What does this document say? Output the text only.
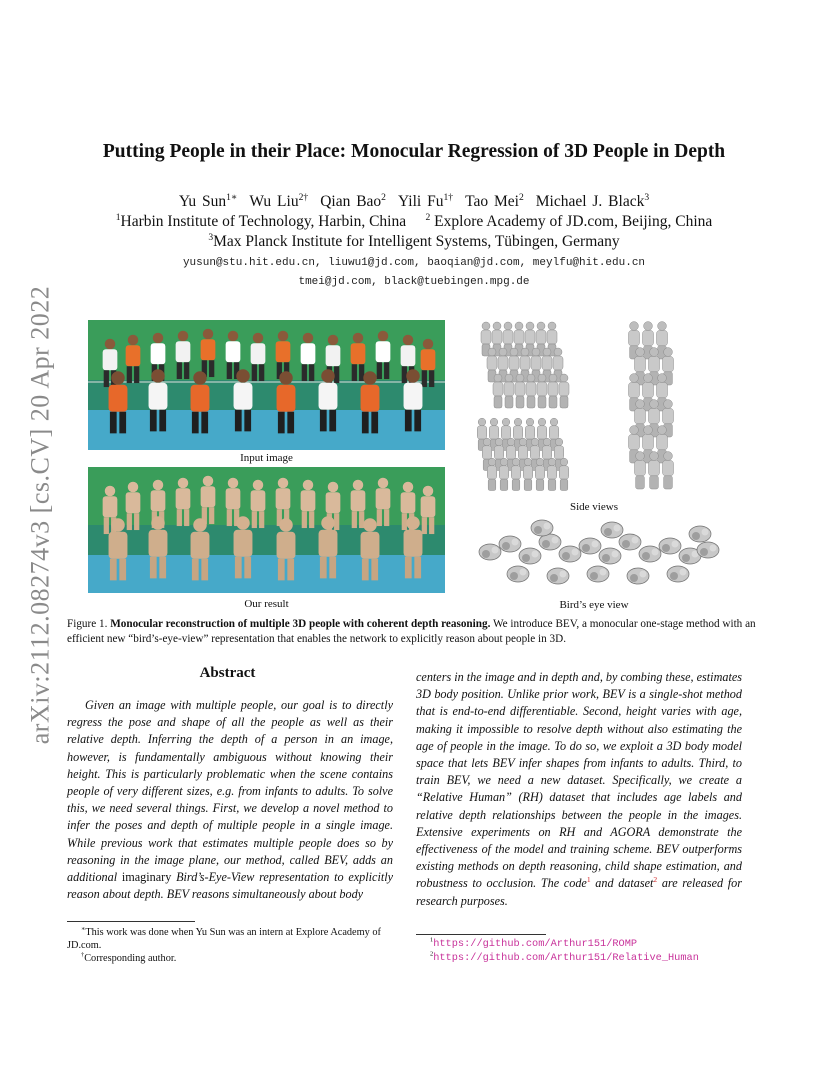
arXiv:2112.08274v3 [cs.CV] 20 Apr 2022
Putting People in their Place: Monocular Regression of 3D People in Depth
Yu Sun$^{1∗}$ Wu Liu$^{2\dagger}$ Qian Bao$^2$ Yili $Fu^{1\dagger}$ Tao Mei$^2$ Michael J. Black$^3$
$^1$Harbin Institute of Technology, Harbin, China $^2$ Explore Academy of JD.com, Beijing, China
$^3$Max Planck Institute for Intelligent Systems, Tübingen, Germany
yusun@stu.hit.edu.cn, liuwu1@jd.com, baoqian@jd.com, meylfu@hit.edu.cn
tmei@jd.com, black@tuebingen.mpg.de
Input image
Our result
Side views
Bird’s eye view
Figure 1. Monocular reconstruction of multiple 3D people with coherent depth reasoning. We introduce BEV, a monocular one-stage method with an efficient new “bird’s-eye-view” representation that enables the network to explicitly reason about people in 3D.
Abstract
Given an image with multiple people, our goal is to directly regress the pose and shape of all the people as well as their relative depth. Inferring the depth of a person in an image, however, is fundamentally ambiguous without knowing their height. This is particularly problematic when the scene contains people of very different sizes, e.g. from infants to adults. To solve this, we need several things. First, we develop a novel method to infer the poses and depth of multiple people in a single image. While previous work that estimates multiple people does so by reasoning in the image plane, our method, called BEV, adds an additional imaginary Bird’s-Eye-View representation to explicitly reason about depth. BEV reasons simultaneously about body
centers in the image and in depth and, by combing these, estimates 3D body position. Unlike prior work, BEV is a single-shot method that is end-to-end differentiable. Second, height varies with age, making it impossible to resolve depth without also estimating the age of people in the image. To do so, we exploit a 3D body model space that lets BEV infer shapes from infants to adults. Third, to train BEV, we need a new dataset. Specifically, we create a “Relative Human” (RH) dataset that includes age labels and relative depth relationships between the people in the images. Extensive experiments on RH and AGORA demonstrate the effectiveness of the model and training scheme. BEV outperforms existing methods on depth reasoning, child shape estimation, and robustness to occlusion. The code$^1$ and dataset$^2$ are released for research purposes.

∗This work was done when Yu Sun was an intern at Explore Academy of JD.com.

†Corresponding author.

$^1$https://github.com/Arthur151/ROMP
$^2$https://github.com/Arthur151/Relative_Human
